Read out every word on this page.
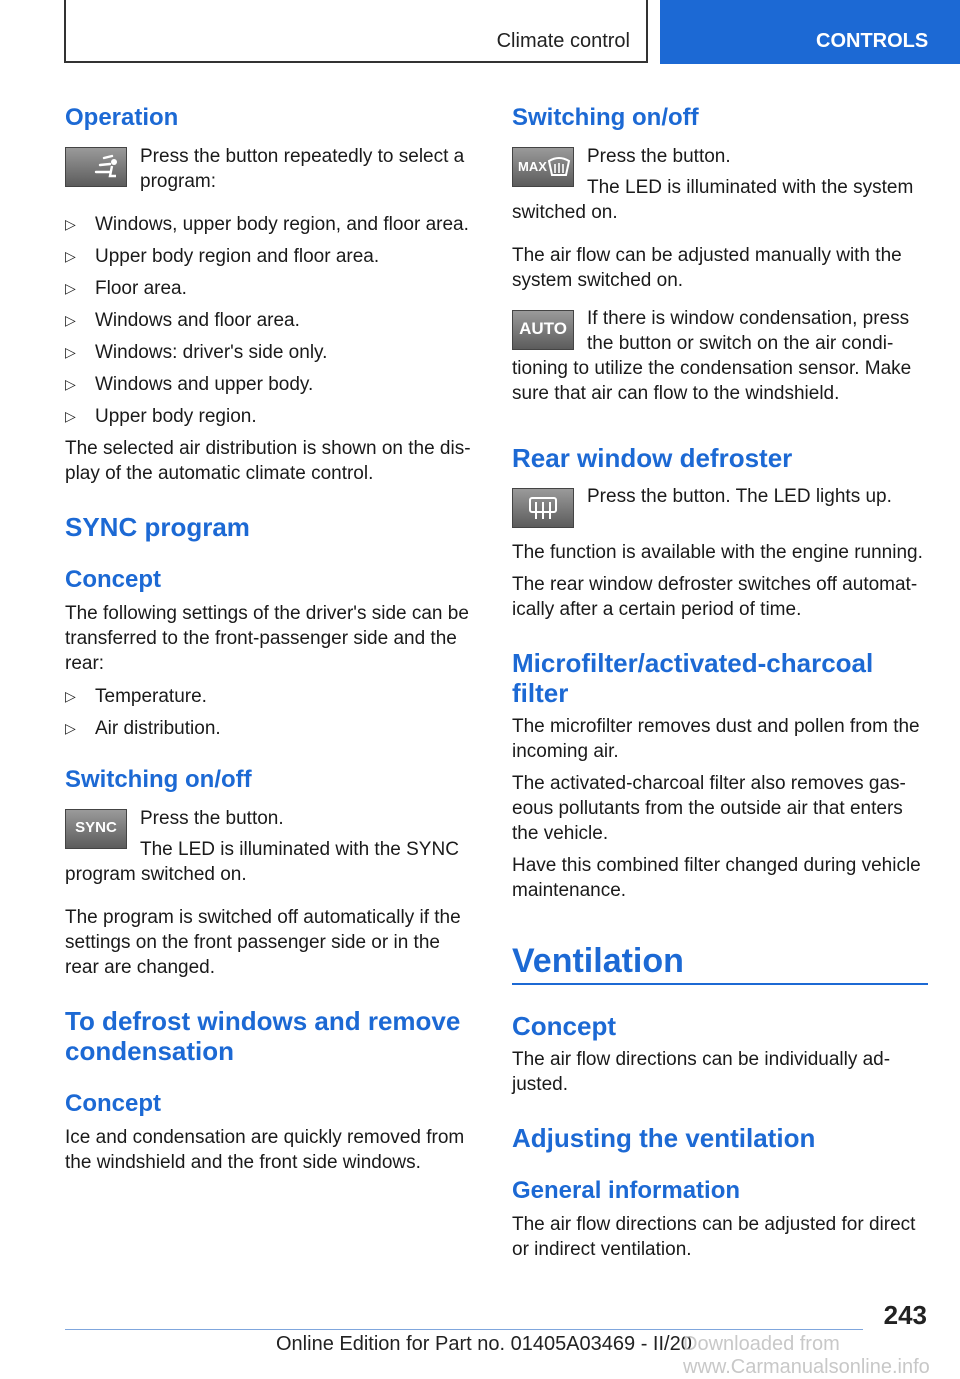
Climate control	CONTROLS
Operation
Press the button repeatedly to select a
program:
▷ Windows, upper body region, and floor area.
▷ Upper body region and floor area.
▷ Floor area.
▷ Windows and floor area.
▷ Windows: driver's side only.
▷ Windows and upper body.
▷ Upper body region.
The selected air distribution is shown on the dis-
play of the automatic climate control.
SYNC program
Concept
The following settings of the driver's side can be
transferred to the front-passenger side and the
rear:
▷ Temperature.
▷ Air distribution.
Switching on/off
SYNC	Press the button.
The LED is illuminated with the SYNC
program switched on.
The program is switched off automatically if the
settings on the front passenger side or in the
rear are changed.
To defrost windows and remove
condensation
Concept
Ice and condensation are quickly removed from
the windshield and the front side windows.
Switching on/off
MAX Press the button.
The LED is illuminated with the system
switched on.
The air flow can be adjusted manually with the
system switched on.
AUTO	If there is window condensation, press
the button or switch on the air condi-
tioning to utilize the condensation sensor. Make
sure that air can flow to the windshield.
Rear window defroster
Press the button. The LED lights up.
The function is available with the engine running.
The rear window defroster switches off automat-
ically after a certain period of time.
Microfilter/activated-charcoal
filter
The microfilter removes dust and pollen from the
incoming air.
The activated-charcoal filter also removes gas-
eous pollutants from the outside air that enters
the vehicle.
Have this combined filter changed during vehicle
maintenance.
Ventilation
Concept
The air flow directions can be individually ad-
justed.
Adjusting the ventilation
General information
The air flow directions can be adjusted for direct
or indirect ventilation.
243
Online Edition for Part no. 01405A03469 - II/20
Downloaded from www.Carmanualsonline.info
